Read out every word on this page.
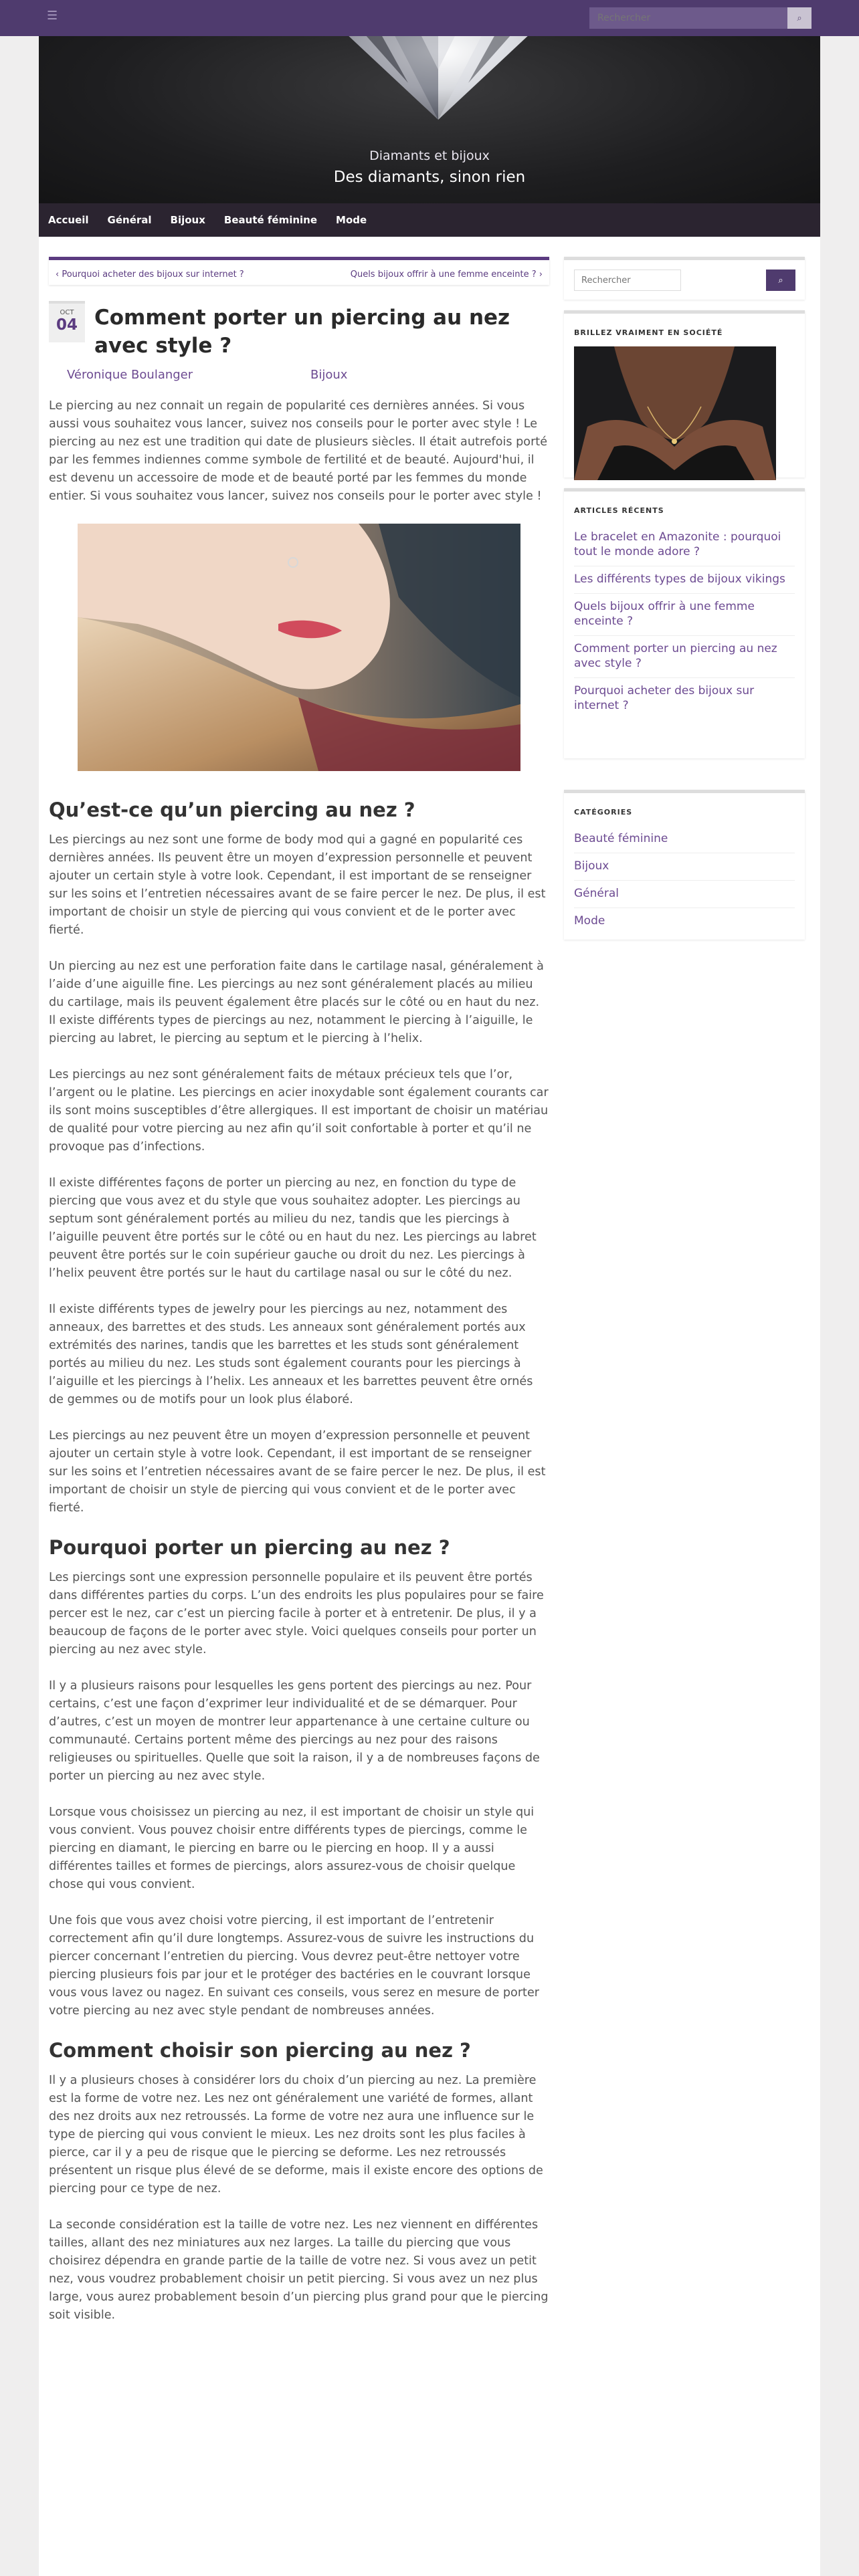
☰
Rechercher	⌕
Diamants et bijoux
Des diamants, sinon rien
Accueil Général Bijoux Beauté féminine Mode
‹ Pourquoi acheter des bijoux sur internet ?	Quels bijoux offrir à une femme enceinte ? ›
OCT
04 Comment porter un piercing au nez avec style ?
Véronique Boulanger	Bijoux

Le piercing au nez connait un regain de popularité ces dernières années. Si vous aussi vous souhaitez vous lancer, suivez nos conseils pour le porter avec style ! Le piercing au nez est une tradition qui date de plusieurs siècles. Il était autrefois porté par les femmes indiennes comme symbole de fertilité et de beauté. Aujourd'hui, il est devenu un accessoire de mode et de beauté porté par les femmes du monde entier. Si vous souhaitez vous lancer, suivez nos conseils pour le porter avec style !

Qu’est-ce qu’un piercing au nez ?

Les piercings au nez sont une forme de body mod qui a gagné en popularité ces dernières années. Ils peuvent être un moyen d’expression personnelle et peuvent ajouter un certain style à votre look. Cependant, il est important de se renseigner sur les soins et l’entretien nécessaires avant de se faire percer le nez. De plus, il est important de choisir un style de piercing qui vous convient et de le porter avec fierté.

Un piercing au nez est une perforation faite dans le cartilage nasal, généralement à l’aide d’une aiguille fine. Les piercings au nez sont généralement placés au milieu du cartilage, mais ils peuvent également être placés sur le côté ou en haut du nez. Il existe différents types de piercings au nez, notamment le piercing à l’aiguille, le piercing au labret, le piercing au septum et le piercing à l’helix.

Les piercings au nez sont généralement faits de métaux précieux tels que l’or, l’argent ou le platine. Les piercings en acier inoxydable sont également courants car ils sont moins susceptibles d’être allergiques. Il est important de choisir un matériau de qualité pour votre piercing au nez afin qu’il soit confortable à porter et qu’il ne provoque pas d’infections.

Il existe différentes façons de porter un piercing au nez, en fonction du type de piercing que vous avez et du style que vous souhaitez adopter. Les piercings au septum sont généralement portés au milieu du nez, tandis que les piercings à l’aiguille peuvent être portés sur le côté ou en haut du nez. Les piercings au labret peuvent être portés sur le coin supérieur gauche ou droit du nez. Les piercings à l’helix peuvent être portés sur le haut du cartilage nasal ou sur le côté du nez.

Il existe différents types de jewelry pour les piercings au nez, notamment des anneaux, des barrettes et des studs. Les anneaux sont généralement portés aux extrémités des narines, tandis que les barrettes et les studs sont généralement portés au milieu du nez. Les studs sont également courants pour les piercings à l’aiguille et les piercings à l’helix. Les anneaux et les barrettes peuvent être ornés de gemmes ou de motifs pour un look plus élaboré.

Les piercings au nez peuvent être un moyen d’expression personnelle et peuvent ajouter un certain style à votre look. Cependant, il est important de se renseigner sur les soins et l’entretien nécessaires avant de se faire percer le nez. De plus, il est important de choisir un style de piercing qui vous convient et de le porter avec fierté.

Pourquoi porter un piercing au nez ?

Les piercings sont une expression personnelle populaire et ils peuvent être portés dans différentes parties du corps. L’un des endroits les plus populaires pour se faire percer est le nez, car c’est un piercing facile à porter et à entretenir. De plus, il y a beaucoup de façons de le porter avec style. Voici quelques conseils pour porter un piercing au nez avec style.

Il y a plusieurs raisons pour lesquelles les gens portent des piercings au nez. Pour certains, c’est une façon d’exprimer leur individualité et de se démarquer. Pour d’autres, c’est un moyen de montrer leur appartenance à une certaine culture ou communauté. Certains portent même des piercings au nez pour des raisons religieuses ou spirituelles. Quelle que soit la raison, il y a de nombreuses façons de porter un piercing au nez avec style.

Lorsque vous choisissez un piercing au nez, il est important de choisir un style qui vous convient. Vous pouvez choisir entre différents types de piercings, comme le piercing en diamant, le piercing en barre ou le piercing en hoop. Il y a aussi différentes tailles et formes de piercings, alors assurez-vous de choisir quelque chose qui vous convient.

Une fois que vous avez choisi votre piercing, il est important de l’entretenir correctement afin qu’il dure longtemps. Assurez-vous de suivre les instructions du piercer concernant l’entretien du piercing. Vous devrez peut-être nettoyer votre piercing plusieurs fois par jour et le protéger des bactéries en le couvrant lorsque vous vous lavez ou nagez. En suivant ces conseils, vous serez en mesure de porter votre piercing au nez avec style pendant de nombreuses années.

Comment choisir son piercing au nez ?

Il y a plusieurs choses à considérer lors du choix d’un piercing au nez. La première est la forme de votre nez. Les nez ont généralement une variété de formes, allant des nez droits aux nez retroussés. La forme de votre nez aura une influence sur le type de piercing qui vous convient le mieux. Les nez droits sont les plus faciles à pierce, car il y a peu de risque que le piercing se deforme. Les nez retroussés présentent un risque plus élevé de se deforme, mais il existe encore des options de piercing pour ce type de nez.

La seconde considération est la taille de votre nez. Les nez viennent en différentes tailles, allant des nez miniatures aux nez larges. La taille du piercing que vous choisirez dépendra en grande partie de la taille de votre nez. Si vous avez un petit nez, vous voudrez probablement choisir un petit piercing. Si vous avez un nez plus large, vous aurez probablement besoin d’un piercing plus grand pour que le piercing soit visible.

Rechercher
⌕
BRILLEZ VRAIMENT EN SOCIÉTÉ
ARTICLES RÉCENTS
Le bracelet en Amazonite : pourquoi tout le monde adore ?
Les différents types de bijoux vikings
Quels bijoux offrir à une femme enceinte ?
Comment porter un piercing au nez avec style ?
Pourquoi acheter des bijoux sur internet ?
CATÉGORIES
Beauté féminine
Bijoux
Général
Mode
